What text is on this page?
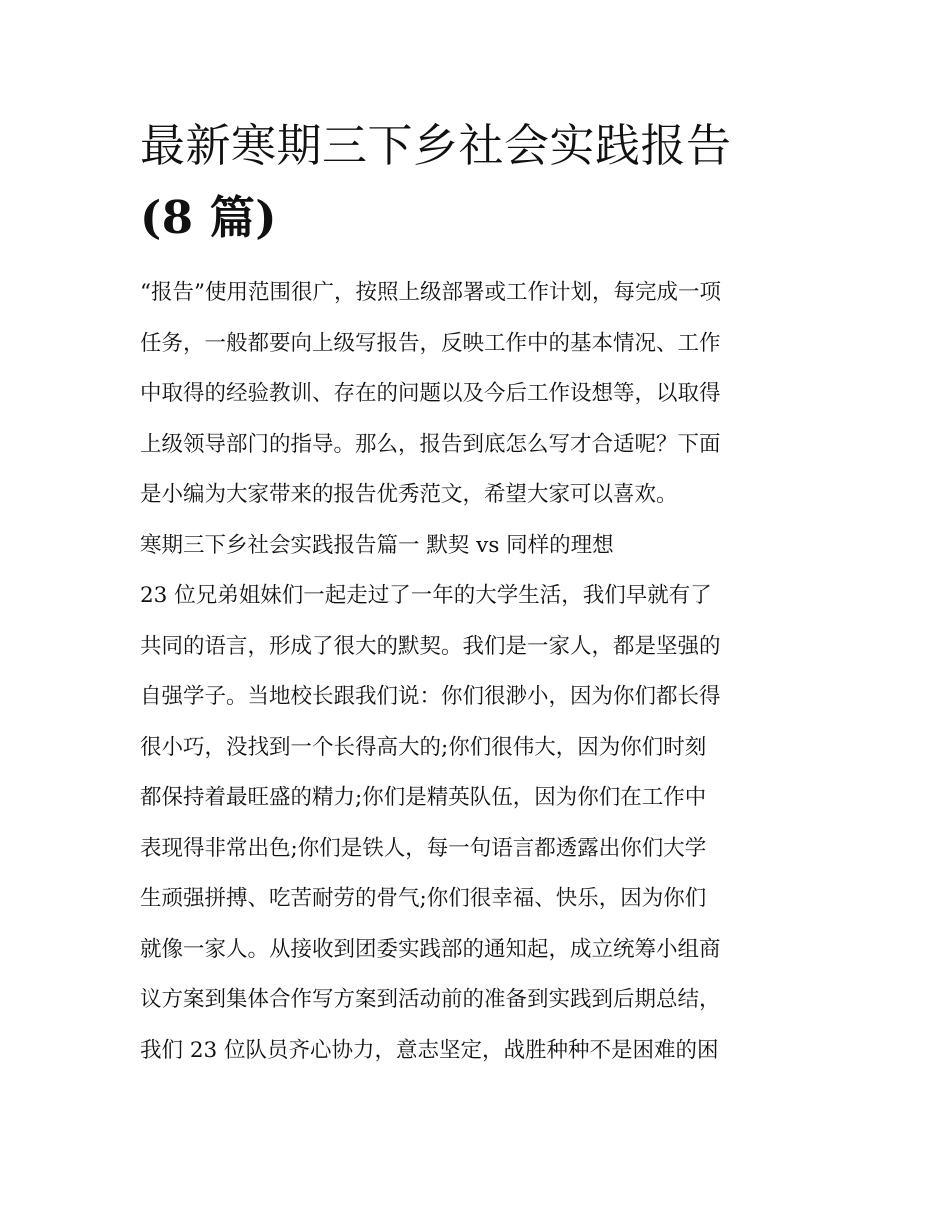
最新寒期三下乡社会实践报告
(8 篇)
“报告”使用范围很广，按照上级部署或工作计划，每完成一项
任务，一般都要向上级写报告，反映工作中的基本情况、工作
中取得的经验教训、存在的问题以及今后工作设想等，以取得
上级领导部门的指导。那么，报告到底怎么写才合适呢？下面
是小编为大家带来的报告优秀范文，希望大家可以喜欢。
寒期三下乡社会实践报告篇一 默契 vs 同样的理想
23 位兄弟姐妹们一起走过了一年的大学生活，我们早就有了
共同的语言，形成了很大的默契。我们是一家人，都是坚强的
自强学子。当地校长跟我们说：你们很渺小，因为你们都长得
很小巧，没找到一个长得高大的;你们很伟大，因为你们时刻
都保持着最旺盛的精力;你们是精英队伍，因为你们在工作中
表现得非常出色;你们是铁人，每一句语言都透露出你们大学
生顽强拼搏、吃苦耐劳的骨气;你们很幸福、快乐，因为你们
就像一家人。从接收到团委实践部的通知起，成立统筹小组商
议方案到集体合作写方案到活动前的准备到实践到后期总结，
我们 23 位队员齐心协力，意志坚定，战胜种种不是困难的困
